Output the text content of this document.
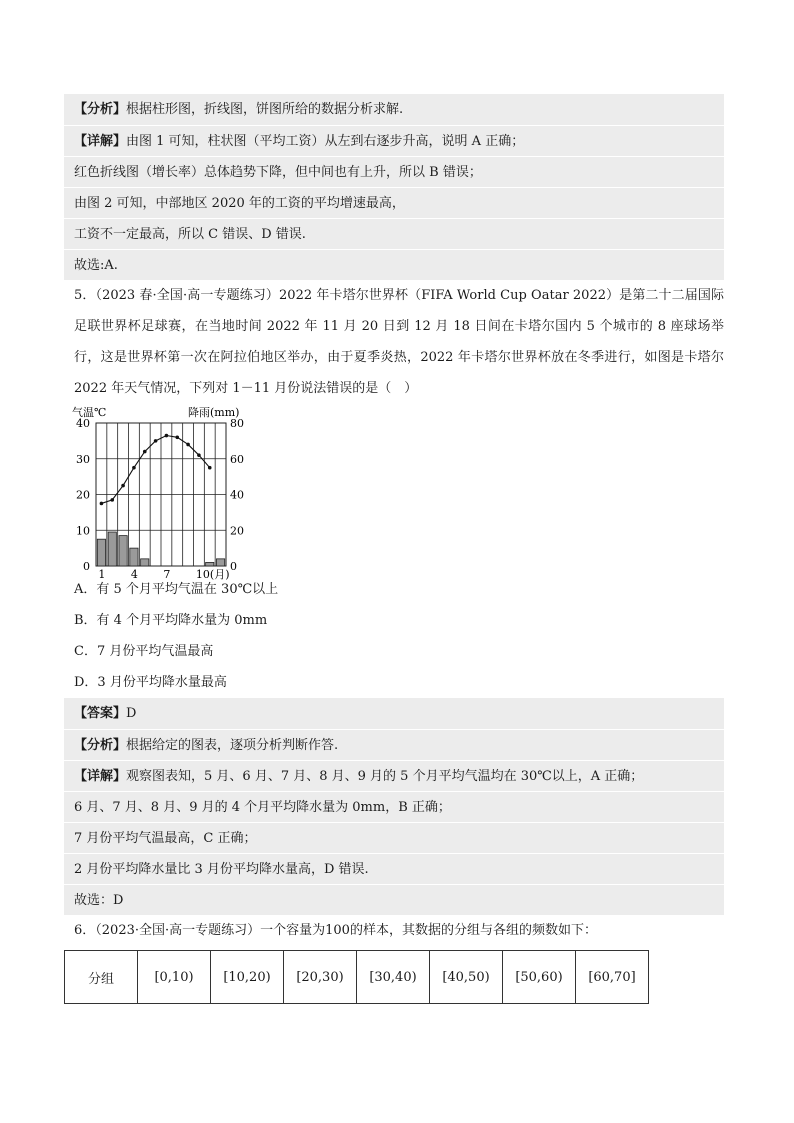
【分析】根据柱形图，折线图，饼图所给的数据分析求解.
【详解】由图 1 可知，柱状图（平均工资）从左到右逐步升高，说明 A 正确；
红色折线图（增长率）总体趋势下降，但中间也有上升，所以 B 错误；
由图 2 可知，中部地区 2020 年的工资的平均增速最高，
工资不一定最高，所以 C 错误、D 错误.
故选:A.
5．（2023 春·全国·高一专题练习）2022 年卡塔尔世界杯（FIFA World Cup Oatar 2022）是第二十二届国际足联世界杯足球赛，在当地时间 2022 年 11 月 20 日到 12 月 18 日间在卡塔尔国内 5 个城市的 8 座球场举行，这是世界杯第一次在阿拉伯地区举办，由于夏季炎热，2022 年卡塔尔世界杯放在冬季进行，如图是卡塔尔 2022 年天气情况，下列对 1－11 月份说法错误的是（　）
气温℃	降雨(mm)
40
30
20
10
0
80
60
40
20
0
1 4 7 10(月)
A．有 5 个月平均气温在 30℃以上
B．有 4 个月平均降水量为 0mm
C．7 月份平均气温最高
D．3 月份平均降水量最高
【答案】D
【分析】根据给定的图表，逐项分析判断作答.
【详解】观察图表知，5 月、6 月、7 月、8 月、9 月的 5 个月平均气温均在 30℃以上，A 正确；
6 月、7 月、8 月、9 月的 4 个月平均降水量为 0mm，B 正确；
7 月份平均气温最高，C 正确；
2 月份平均降水量比 3 月份平均降水量高，D 错误.
故选：D
6．（2023·全国·高一专题练习）一个容量为100的样本，其数据的分组与各组的频数如下：
分组	[0,10)	[10,20)	[20,30)	[30,40)	[40,50)	[50,60)	[60,70]
